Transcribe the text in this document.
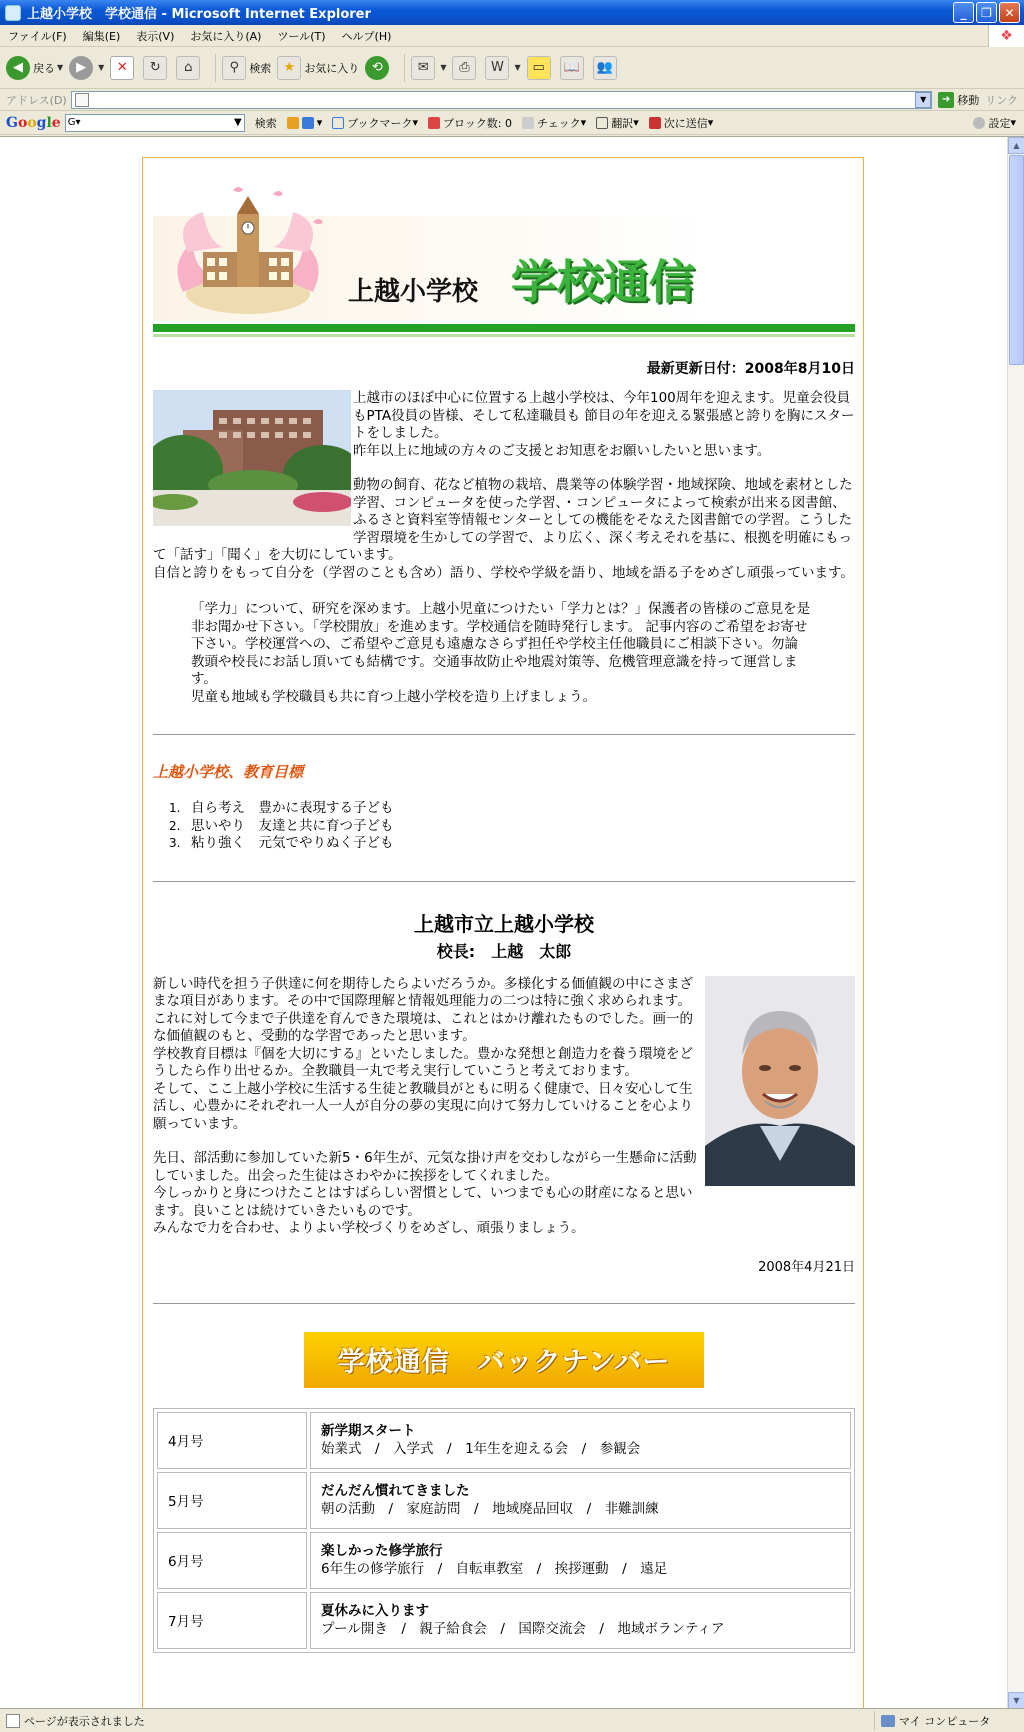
上越小学校　学校通信 - Microsoft Internet Explorer	_	❐	✕
ファイル(F)	編集(E)	表示(V)	お気に入り(A)	ツール(T)	ヘルプ(H)	❖
◀ 戻る ▼	▶	▼ ✕	↻	⌂	⚲ 検索 ★ お気に入り ⟲	✉	▼ ⎙	W	▼ ▭	📖	👥
アドレス(D)	▼	➔ 移動 リンク
Google G▾	▼ 検索	▾ ブックマーク ▾ ブロック数: 0 チェック ▾ 翻訳 ▾ 次に送信 ▾	設定 ▾
上越小学校 学校通信
最新更新日付：2008年8月10日

上越市のほぼ中心に位置する上越小学校は、今年100周年を迎えます。児童会役員もPTA役員の皆様、そして私達職員も 節目の年を迎える緊張感と誇りを胸にスタートをしました。

昨年以上に地域の方々のご支援とお知恵をお願いしたいと思います。

動物の飼育、花など植物の栽培、農業等の体験学習・地域探険、地域を素材とした学習、コンピュータを使った学習、・コンピュータによって検索が出来る図書館、ふるさと資料室等情報センターとしての機能をそなえた図書館での学習。こうした学習環境を生かしての学習で、より広く、深く考えそれを基に、根拠を明確にもって「話す」「聞く」を大切にしています。

自信と誇りをもって自分を（学習のことも含め）語り、学校や学級を語り、地域を語る子をめざし頑張っています。

「学力」について、研究を深めます。上越小児童につけたい「学力とは？」保護者の皆様のご意見を是非お聞かせ下さい。「学校開放」を進めます。学校通信を随時発行します。 記事内容のご希望をお寄せ下さい。学校運営への、ご希望やご意見も遠慮なさらず担任や学校主任他職員にご相談下さい。勿論教頭や校長にお話し頂いても結構です。交通事故防止や地震対策等、危機管理意識を持って運営します。

児童も地域も学校職員も共に育つ上越小学校を造り上げましょう。

上越小学校、教育目標
1. 自ら考え　豊かに表現する子ども
2. 思いやり　友達と共に育つ子ども
3. 粘り強く　元気でやりぬく子ども
上越市立上越小学校
校長:　上越　太郎

新しい時代を担う子供達に何を期待したらよいだろうか。多様化する価値観の中にさまざまな項目があります。その中で国際理解と情報処理能力の二つは特に強く求められます。これに対して今まで子供達を育んできた環境は、これとはかけ離れたものでした。画一的な価値観のもと、受動的な学習であったと思います。

学校教育目標は『個を大切にする』といたしました。豊かな発想と創造力を養う環境をどうしたら作り出せるか。全教職員一丸で考え実行していこうと考えております。

そして、ここ上越小学校に生活する生徒と教職員がともに明るく健康で、日々安心して生活し、心豊かにそれぞれ一人一人が自分の夢の実現に向けて努力していけることを心より願っています。

先日、部活動に参加していた新5・6年生が、元気な掛け声を交わしながら一生懸命に活動していました。出会った生徒はさわやかに挨拶をしてくれました。

今しっかりと身につけたことはすばらしい習慣として、いつまでも心の財産になると思います。良いことは続けていきたいものです。

みんなで力を合わせ、よりよい学校づくりをめざし、頑張りましょう。

2008年4月21日
学校通信　バックナンバー
4月号	新学期スタート
始業式　/　入学式　/　1年生を迎える会　/　参観会

5月号	だんだん慣れてきました
朝の活動　/　家庭訪問　/　地域廃品回収　/　非難訓練

6月号	楽しかった修学旅行
6年生の修学旅行　/　自転車教室　/　挨拶運動　/　遠足

7月号	夏休みに入ります
プール開き　/　親子給食会　/　国際交流会　/　地域ボランティア
▲
▼
ページが表示されました	マイ コンピュータ
